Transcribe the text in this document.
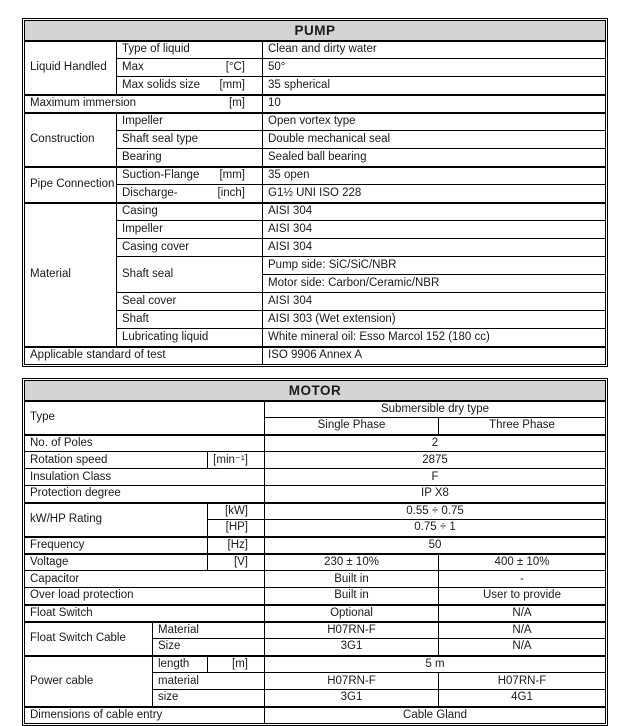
PUMP		
Liquid Handled	Type of liquid	Clean and dirty water

	Max [°C]	50°

	Max solids size [mm]	35 spherical

Maximum immersion [m]		10
Construction	Impeller	Open vortex type
	Shaft seal type	Double mechanical seal
	Bearing	Sealed ball bearing
Pipe Connection	Suction-Flange [mm]	35 open

	Discharge- [inch]	G1½ UNI ISO 228
Material	Casing	AISI 304
	Impeller	AISI 304
	Casing cover	AISI 304
	Shaft seal	Pump side: SiC/SiC/NBR
		Motor side: Carbon/Ceramic/NBR
	Seal cover	AISI 304
	Shaft	AISI 303 (Wet extension)
	Lubricating liquid	White mineral oil: Esso Marcol 152 (180 cc)
Applicable standard of test		ISO 9906 Annex A
MOTOR				
Type			Submersible dry type	
			Single Phase	Three Phase
No. of Poles			2	
Rotation speed		[min⁻¹]	2875	
Insulation Class			F	
Protection degree			IP X8	
kW/HP Rating		[kW]	0.55 ÷ 0.75	
		[HP]	0.75 ÷ 1	
Frequency		[Hz]	50	
Voltage		[V]	230 ± 10%	400 ± 10%
Capacitor			Built in	-
Over load protection			Built in	User to provide
Float Switch			Optional	N/A
Float Switch Cable	Material		H07RN-F	N/A
	Size		3G1	N/A
Power cable	length	[m]	5 m	
	material		H07RN-F	H07RN-F
	size		3G1	4G1
Dimensions of cable entry			Cable Gland	
